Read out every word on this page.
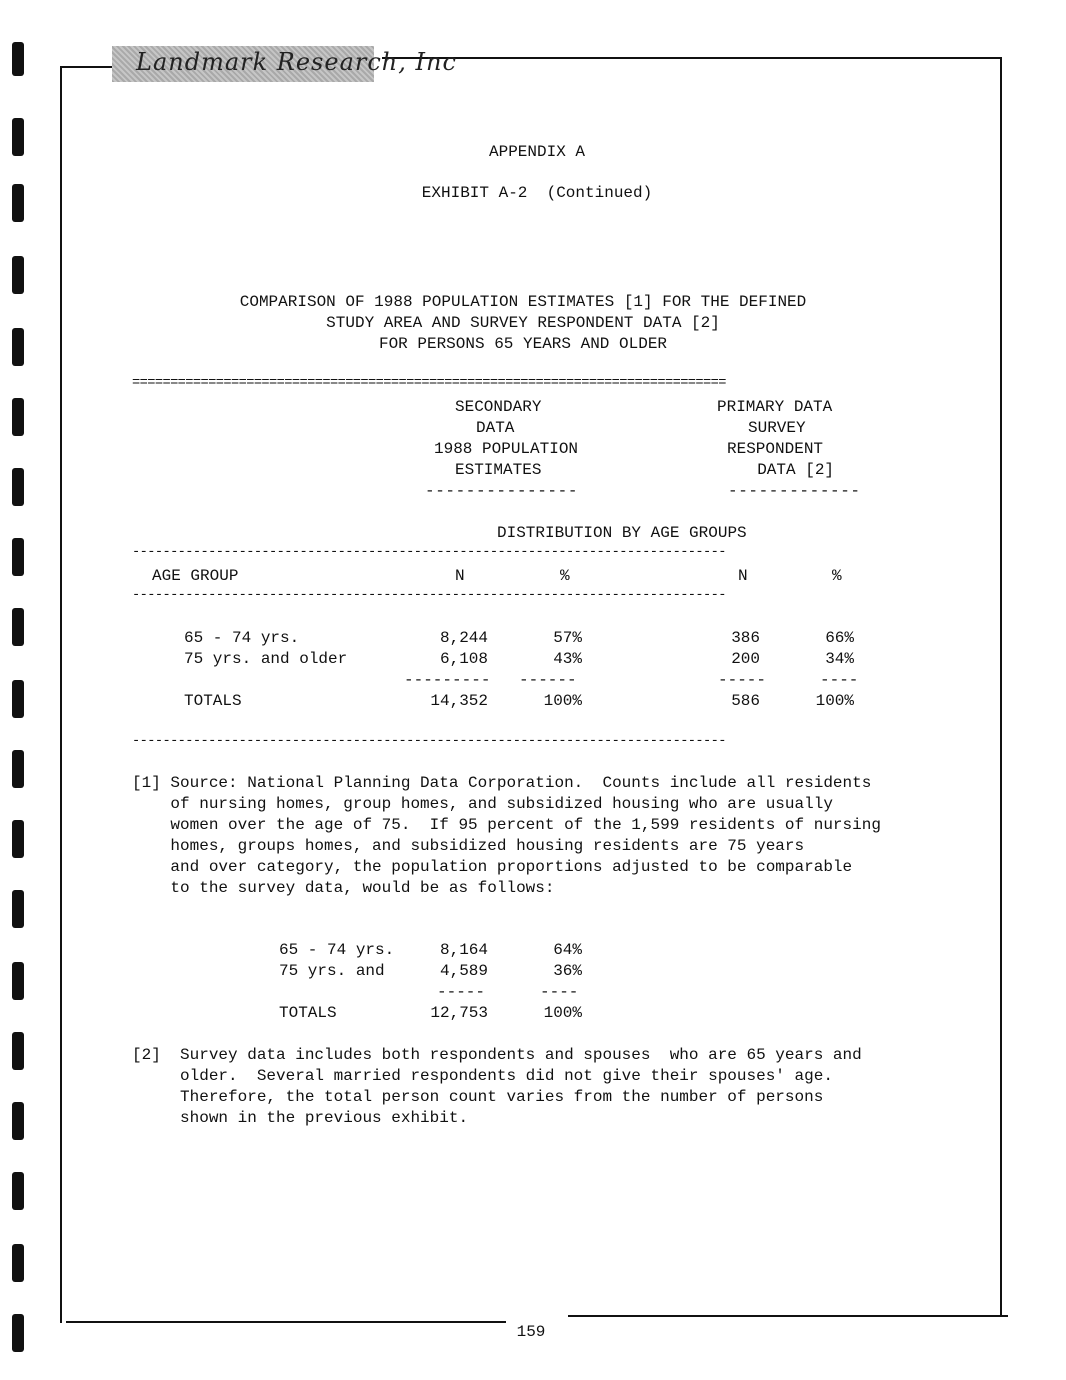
Landmark Research, Inc
APPENDIX A
EXHIBIT A-2  (Continued)
COMPARISON OF 1988 POPULATION ESTIMATES [1] FOR THE DEFINED
STUDY AREA AND SURVEY RESPONDENT DATA [2]
FOR PERSONS 65 YEARS AND OLDER
==============================================================================
SECONDARY
DATA
1988 POPULATION
ESTIMATES
---------------
PRIMARY DATA
SURVEY
RESPONDENT
DATA [2]
-------------
DISTRIBUTION BY AGE GROUPS
------------------------------------------------------------------------------
AGE GROUP	N	%	N	%
------------------------------------------------------------------------------
65 - 74 yrs.	8,244	57%	386	66%
75 yrs. and older	6,108	43%	200	34%
--------- ------	-----	----
TOTALS	14,352	100%	586	100%
------------------------------------------------------------------------------
[1] Source: National Planning Data Corporation.  Counts include all residents
of nursing homes, group homes, and subsidized housing who are usually
women over the age of 75.  If 95 percent of the 1,599 residents of nursing
homes, groups homes, and subsidized housing residents are 75 years
and over category, the population proportions adjusted to be comparable
to the survey data, would be as follows:
65 - 74 yrs.	8,164	64%
75 yrs. and	4,589	36%
-----	----
TOTALS	12,753	100%
[2]  Survey data includes both respondents and spouses  who are 65 years and
older.  Several married respondents did not give their spouses' age.
Therefore, the total person count varies from the number of persons
shown in the previous exhibit.
159
